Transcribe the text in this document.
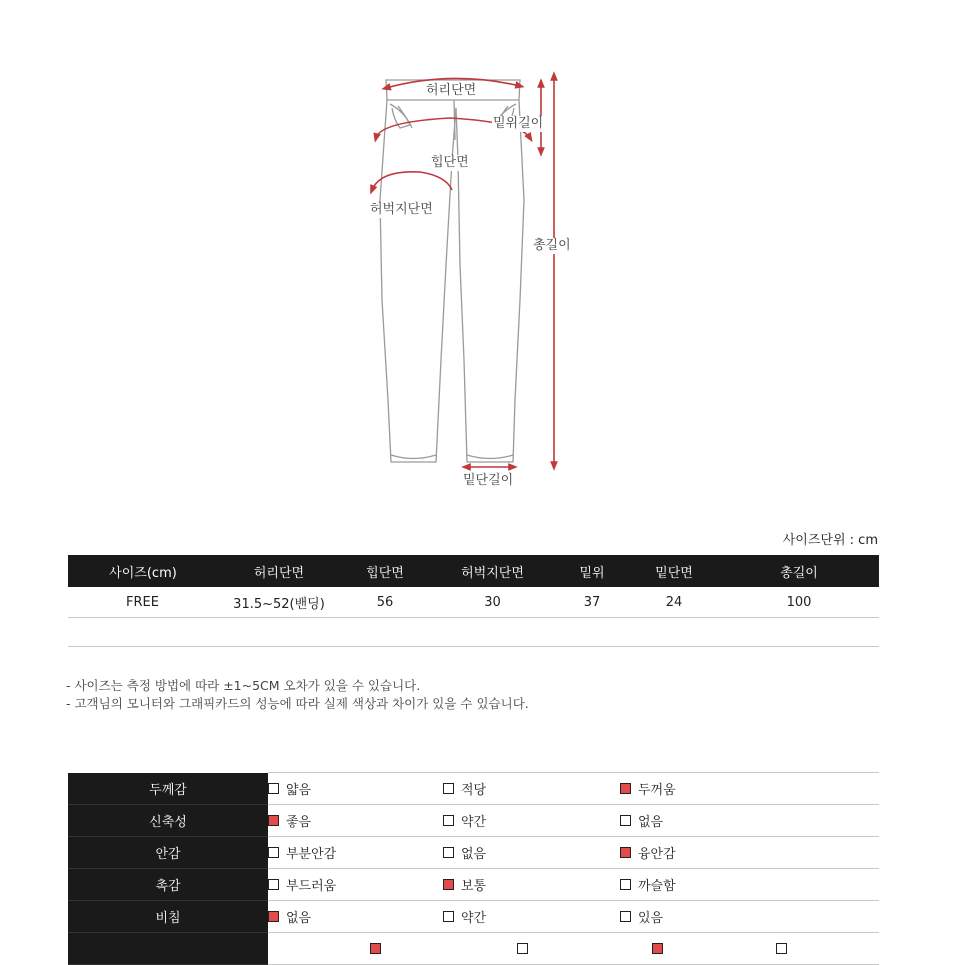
허리단면
밑위길이
힙단면
허벅지단면
총길이
밑단길이
사이즈단위 : cm
사이즈(cm)	허리단면	힙단면	허벅지단면	밑위	밑단면	총길이
FREE	31.5~52(밴딩)	56	30	37	24	100
- 사이즈는 측정 방법에 따라 ±1~5CM 오차가 있을 수 있습니다.
- 고객님의 모니터와 그래픽카드의 성능에 따라 실제 색상과 차이가 있을 수 있습니다.
두께감	얇음	적당	두꺼움

신축성	좋음	약간	없음

안감	부분안감	없음	융안감

촉감	부드러움	보통	까슬함

비침	없음	약간	있음
